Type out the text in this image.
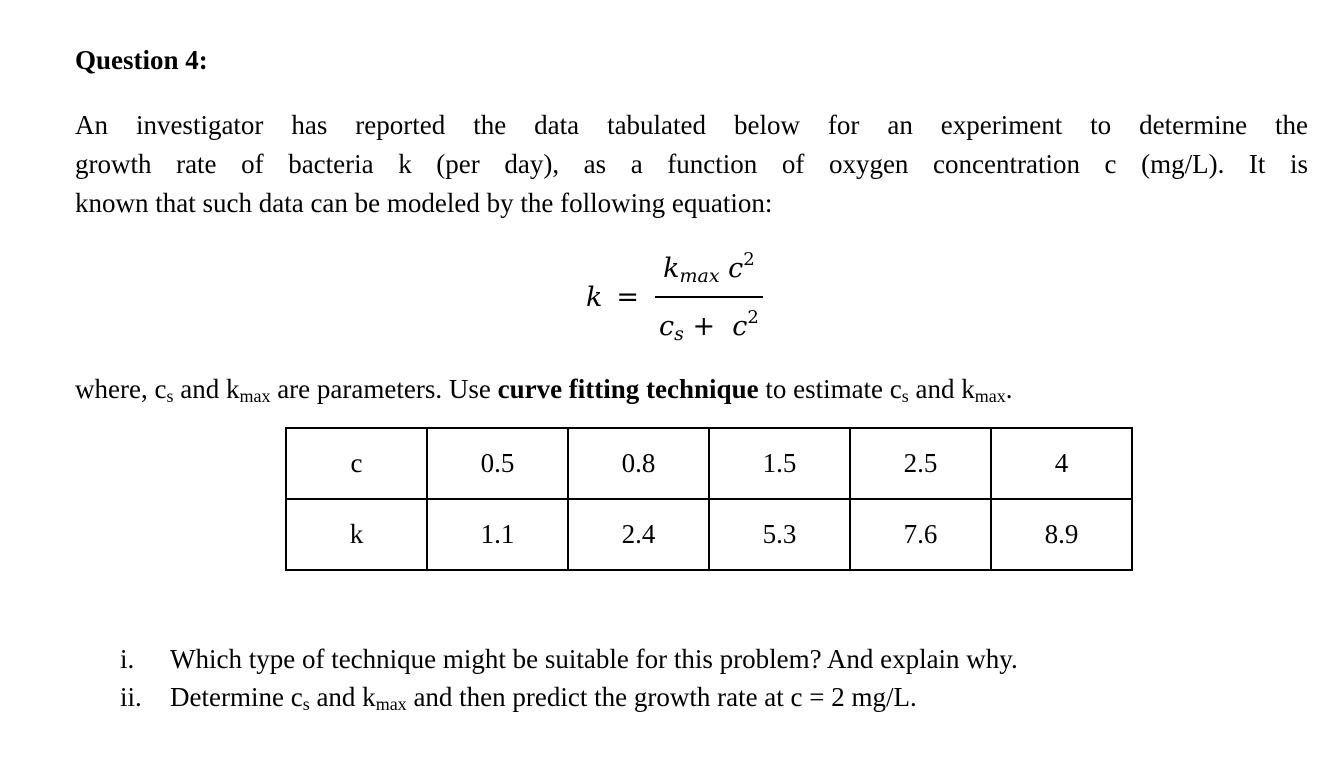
Question 4:
An investigator has reported the data tabulated below for an experiment to determine the
growth rate of bacteria k (per day), as a function of oxygen concentration c (mg/L). It is
known that such data can be modeled by the following equation:
$k = \frac{k_{max} c^2}{c_s + c^2}$
where, cs and kmax are parameters. Use curve fitting technique to estimate cs and kmax.
c	0.5	0.8	1.5	2.5	4
k	1.1	2.4	5.3	7.6	8.9
i.	Which type of technique might be suitable for this problem? And explain why.
ii.	Determine cs and kmax and then predict the growth rate at c = 2 mg/L.
